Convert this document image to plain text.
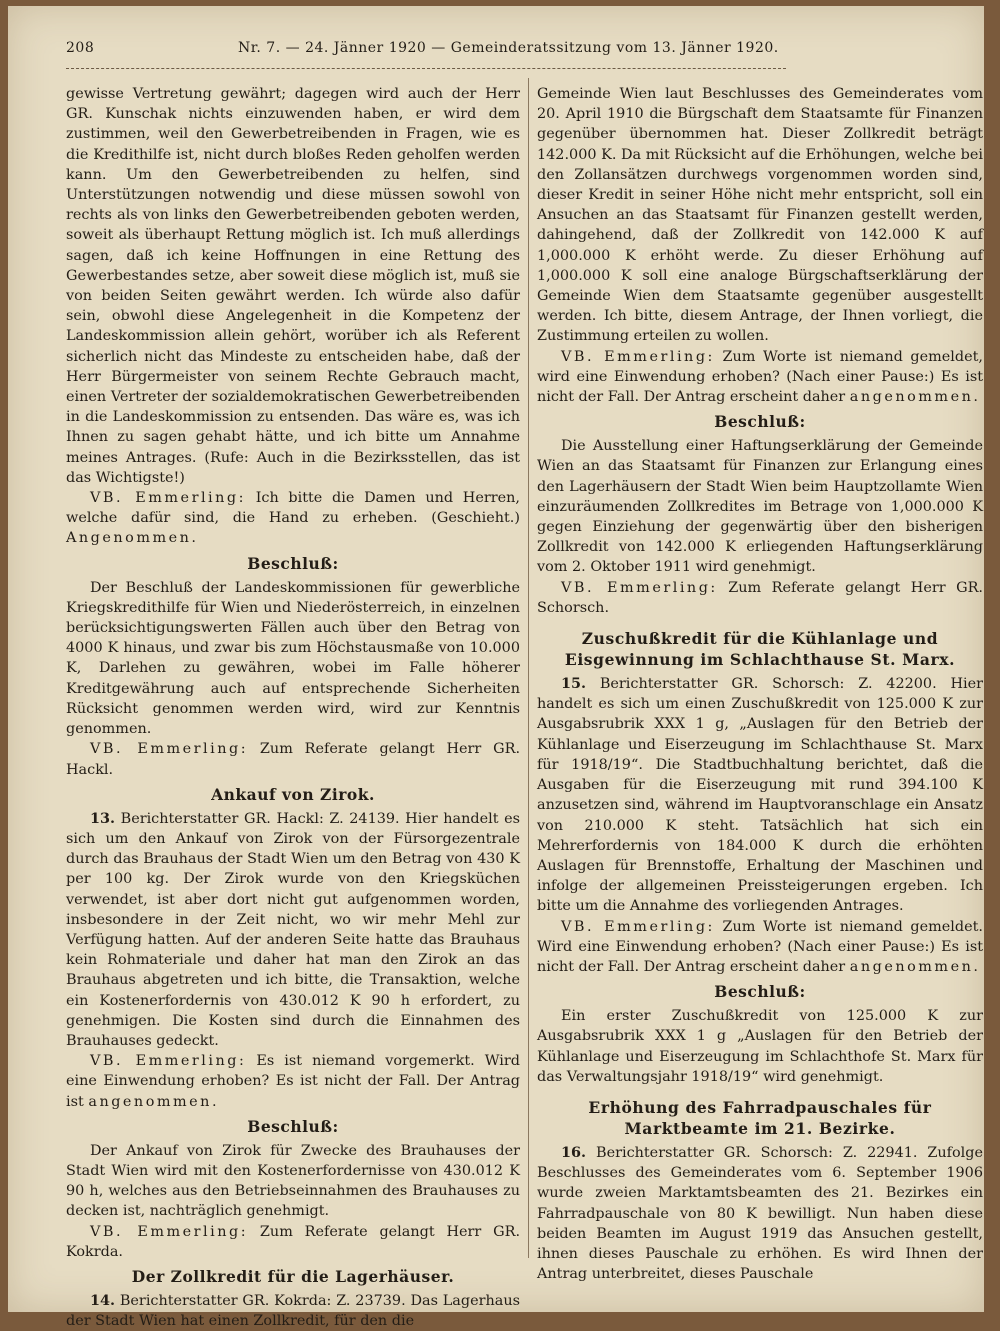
208	Nr. 7. — 24. Jänner 1920 — Gemeinderatssitzung vom 13. Jänner 1920.

gewisse Vertretung gewährt; dagegen wird auch der Herr GR. Kunschak nichts einzuwenden haben, er wird dem zustimmen, weil den Gewerbetreibenden in Fragen, wie es die Kredithilfe ist, nicht durch bloßes Reden geholfen werden kann. Um den Gewerbetreibenden zu helfen, sind Unterstützungen notwendig und diese müssen sowohl von rechts als von links den Gewerbetreibenden geboten werden, soweit als überhaupt Rettung möglich ist. Ich muß allerdings sagen, daß ich keine Hoffnungen in eine Rettung des Gewerbestandes setze, aber soweit diese möglich ist, muß sie von beiden Seiten gewährt werden. Ich würde also dafür sein, obwohl diese Angelegenheit in die Kompetenz der Landeskommission allein gehört, worüber ich als Referent sicherlich nicht das Mindeste zu entscheiden habe, daß der Herr Bürgermeister von seinem Rechte Gebrauch macht, einen Vertreter der sozialdemokratischen Gewerbetreibenden in die Landeskommission zu entsenden. Das wäre es, was ich Ihnen zu sagen gehabt hätte, und ich bitte um Annahme meines Antrages. (Rufe: Auch in die Bezirksstellen, das ist das Wichtigste!)

VB. Emmerling: Ich bitte die Damen und Herren, welche dafür sind, die Hand zu erheben. (Geschieht.) Angenommen.

Beschluß:

Der Beschluß der Landeskommissionen für gewerbliche Kriegskredithilfe für Wien und Niederösterreich, in einzelnen berücksichtigungswerten Fällen auch über den Betrag von 4000 K hinaus, und zwar bis zum Höchstausmaße von 10.000 K, Darlehen zu gewähren, wobei im Falle höherer Kreditgewährung auch auf entsprechende Sicherheiten Rücksicht genommen werden wird, wird zur Kenntnis genommen.

VB. Emmerling: Zum Referate gelangt Herr GR. Hackl.

Ankauf von Zirok.

13. Berichterstatter GR. Hackl: Z. 24139. Hier handelt es sich um den Ankauf von Zirok von der Fürsorgezentrale durch das Brauhaus der Stadt Wien um den Betrag von 430 K per 100 kg. Der Zirok wurde von den Kriegsküchen verwendet, ist aber dort nicht gut aufgenommen worden, insbesondere in der Zeit nicht, wo wir mehr Mehl zur Verfügung hatten. Auf der anderen Seite hatte das Brauhaus kein Rohmateriale und daher hat man den Zirok an das Brauhaus abgetreten und ich bitte, die Transaktion, welche ein Kostenerfordernis von 430.012 K 90 h erfordert, zu genehmigen. Die Kosten sind durch die Einnahmen des Brauhauses gedeckt.

VB. Emmerling: Es ist niemand vorgemerkt. Wird eine Einwendung erhoben? Es ist nicht der Fall. Der Antrag ist angenommen.

Beschluß:

Der Ankauf von Zirok für Zwecke des Brauhauses der Stadt Wien wird mit den Kostenerfordernisse von 430.012 K 90 h, welches aus den Betriebseinnahmen des Brauhauses zu decken ist, nachträglich genehmigt.

VB. Emmerling: Zum Referate gelangt Herr GR. Kokrda.

Der Zollkredit für die Lagerhäuser.

14. Berichterstatter GR. Kokrda: Z. 23739. Das Lagerhaus der Stadt Wien hat einen Zollkredit, für den die

Gemeinde Wien laut Beschlusses des Gemeinderates vom 20. April 1910 die Bürgschaft dem Staatsamte für Finanzen gegenüber übernommen hat. Dieser Zollkredit beträgt 142.000 K. Da mit Rücksicht auf die Erhöhungen, welche bei den Zollansätzen durchwegs vorgenommen worden sind, dieser Kredit in seiner Höhe nicht mehr entspricht, soll ein Ansuchen an das Staatsamt für Finanzen gestellt werden, dahingehend, daß der Zollkredit von 142.000 K auf 1,000.000 K erhöht werde. Zu dieser Erhöhung auf 1,000.000 K soll eine analoge Bürgschaftserklärung der Gemeinde Wien dem Staatsamte gegenüber ausgestellt werden. Ich bitte, diesem Antrage, der Ihnen vorliegt, die Zustimmung erteilen zu wollen.

VB. Emmerling: Zum Worte ist niemand gemeldet, wird eine Einwendung erhoben? (Nach einer Pause:) Es ist nicht der Fall. Der Antrag erscheint daher angenommen.

Beschluß:

Die Ausstellung einer Haftungserklärung der Gemeinde Wien an das Staatsamt für Finanzen zur Erlangung eines den Lagerhäusern der Stadt Wien beim Hauptzollamte Wien einzuräumenden Zollkredites im Betrage von 1,000.000 K gegen Einziehung der gegenwärtig über den bisherigen Zollkredit von 142.000 K erliegenden Haftungserklärung vom 2. Oktober 1911 wird genehmigt.

VB. Emmerling: Zum Referate gelangt Herr GR. Schorsch.

Zuschußkredit für die Kühlanlage und Eisgewinnung im Schlachthause St. Marx.

15. Berichterstatter GR. Schorsch: Z. 42200. Hier handelt es sich um einen Zuschußkredit von 125.000 K zur Ausgabsrubrik XXX 1 g, „Auslagen für den Betrieb der Kühlanlage und Eiserzeugung im Schlachthause St. Marx für 1918/19“. Die Stadtbuchhaltung berichtet, daß die Ausgaben für die Eiserzeugung mit rund 394.100 K anzusetzen sind, während im Hauptvoranschlage ein Ansatz von 210.000 K steht. Tatsächlich hat sich ein Mehrerfordernis von 184.000 K durch die erhöhten Auslagen für Brennstoffe, Erhaltung der Maschinen und infolge der allgemeinen Preissteigerungen ergeben. Ich bitte um die Annahme des vorliegenden Antrages.

VB. Emmerling: Zum Worte ist niemand gemeldet. Wird eine Einwendung erhoben? (Nach einer Pause:) Es ist nicht der Fall. Der Antrag erscheint daher angenommen.

Beschluß:

Ein erster Zuschußkredit von 125.000 K zur Ausgabsrubrik XXX 1 g „Auslagen für den Betrieb der Kühlanlage und Eiserzeugung im Schlachthofe St. Marx für das Verwaltungsjahr 1918/19“ wird genehmigt.

Erhöhung des Fahrradpauschales für Marktbeamte im 21. Bezirke.

16. Berichterstatter GR. Schorsch: Z. 22941. Zufolge Beschlusses des Gemeinderates vom 6. September 1906 wurde zweien Marktamtsbeamten des 21. Bezirkes ein Fahrradpauschale von 80 K bewilligt. Nun haben diese beiden Beamten im August 1919 das Ansuchen gestellt, ihnen dieses Pauschale zu erhöhen. Es wird Ihnen der Antrag unterbreitet, dieses Pauschale
